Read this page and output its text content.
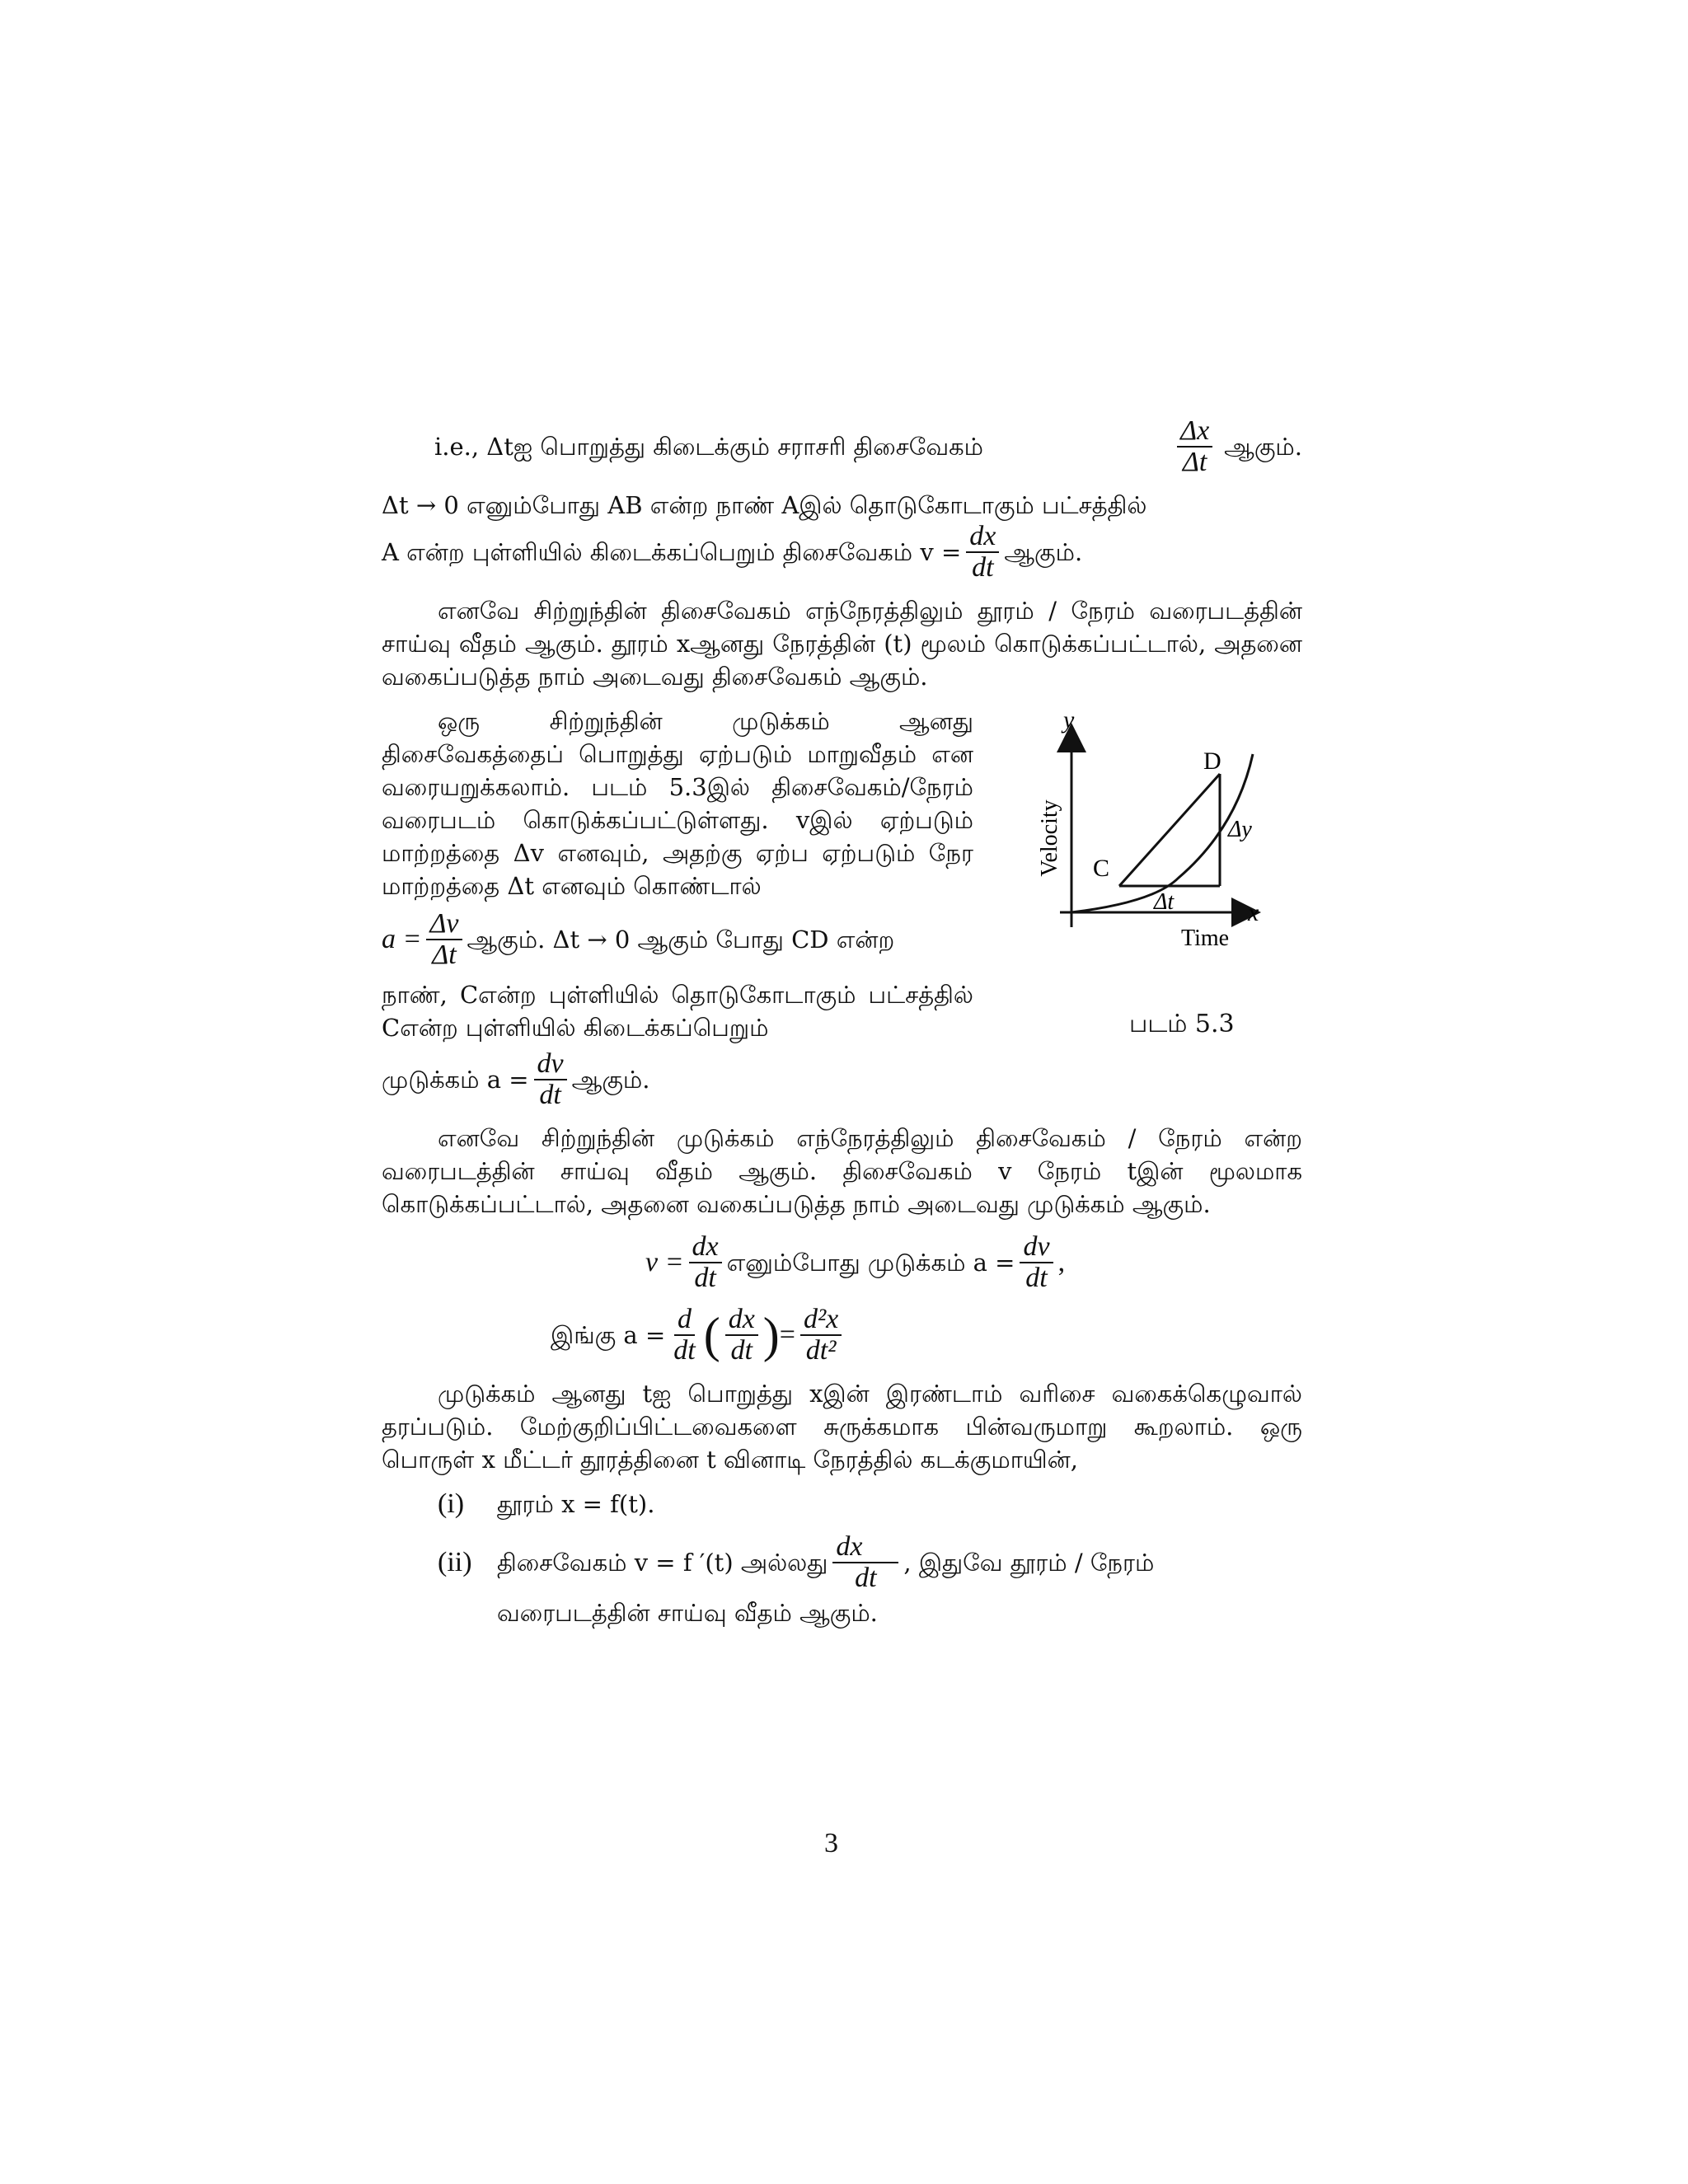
i.e., Δtஐ பொறுத்து கிடைக்கும் சராசரி திசைவேகம்	$\frac{\Delta x}{\Delta t}$ ஆகும்.

Δt → 0 எனும்போது AB என்ற நாண் Aஇல் தொடுகோடாகும் பட்சத்தில்

A என்ற புள்ளியில் கிடைக்கப்பெறும் திசைவேகம் $v = \frac{dx}{dt}$ ஆகும்.

எனவே சிற்றுந்தின் திசைவேகம் எந்நேரத்திலும் தூரம் / நேரம் வரைபடத்தின் சாய்வு வீதம் ஆகும். தூரம் xஆனது நேரத்தின் (t) மூலம் கொடுக்கப்பட்டால், அதனை வகைப்படுத்த நாம் அடைவது திசைவேகம் ஆகும்.

ஒரு சிற்றுந்தின் முடுக்கம் ஆனது திசைவேகத்தைப் பொறுத்து ஏற்படும் மாறுவீதம் என வரையறுக்கலாம். படம் 5.3இல் திசைவேகம்/நேரம் வரைபடம் கொடுக்கப்பட்டுள்ளது. vஇல் ஏற்படும் மாற்றத்தை Δv எனவும், அதற்கு ஏற்ப ஏற்படும் நேர மாற்றத்தை Δt எனவும் கொண்டால்

$a = \frac{\Delta v}{\Delta t}$ ஆகும். Δt → 0 ஆகும் போது CD என்ற

நாண், Cஎன்ற புள்ளியில் தொடுகோடாகும் பட்சத்தில் Cஎன்ற புள்ளியில் கிடைக்கப்பெறும்

y
x
Velocity
Time
C
D
Δy
Δt
படம் 5.3
முடுக்கம் $a = \frac{dv}{dt}$ ஆகும்.

எனவே சிற்றுந்தின் முடுக்கம் எந்நேரத்திலும் திசைவேகம் / நேரம் என்ற வரைபடத்தின் சாய்வு வீதம் ஆகும். திசைவேகம் v நேரம் tஇன் மூலமாக கொடுக்கப்பட்டால், அதனை வகைப்படுத்த நாம் அடைவது முடுக்கம் ஆகும்.

$v = \frac{dx}{dt}$ எனும்போது முடுக்கம் $a = \frac{dv}{dt}$ ,
இங்கு $a = \frac{d}{dt}$ ( $\frac{dx}{dt}$ ) = $\frac{\text{d²x}}{\text{dt²}}$

முடுக்கம் ஆனது tஐ பொறுத்து xஇன் இரண்டாம் வரிசை வகைக்கெழுவால் தரப்படும். மேற்குறிப்பிட்டவைகளை சுருக்கமாக பின்வருமாறு கூறலாம். ஒரு பொருள் x மீட்டர் தூரத்தினை t வினாடி நேரத்தில் கடக்குமாயின்,

(i)	தூரம் x = f(t).
(ii)	திசைவேகம் v = f ′(t) அல்லது $\frac{dx}{dt}$ , இதுவே தூரம் / நேரம்
வரைபடத்தின் சாய்வு வீதம் ஆகும்.
3
